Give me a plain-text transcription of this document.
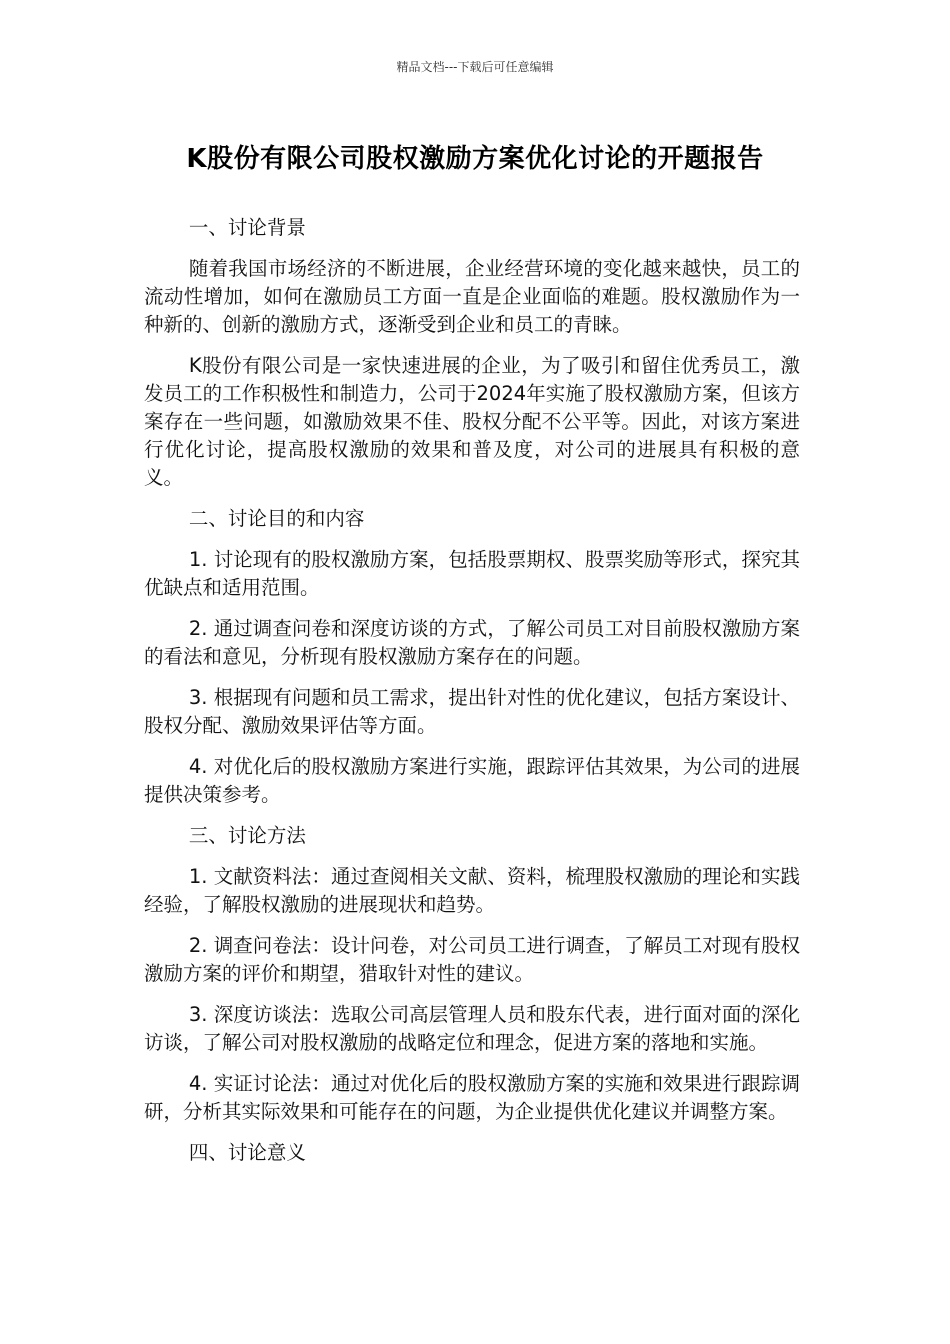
精品文档---下载后可任意编辑
K股份有限公司股权激励方案优化讨论的开题报告
一、讨论背景

随着我国市场经济的不断进展，企业经营环境的变化越来越快，员工的流动性增加，如何在激励员工方面一直是企业面临的难题。股权激励作为一种新的、创新的激励方式，逐渐受到企业和员工的青睐。

K股份有限公司是一家快速进展的企业，为了吸引和留住优秀员工，激发员工的工作积极性和制造力，公司于2024年实施了股权激励方案，但该方案存在一些问题，如激励效果不佳、股权分配不公平等。因此，对该方案进行优化讨论，提高股权激励的效果和普及度，对公司的进展具有积极的意义。

二、讨论目的和内容

1. 讨论现有的股权激励方案，包括股票期权、股票奖励等形式，探究其优缺点和适用范围。

2. 通过调查问卷和深度访谈的方式，了解公司员工对目前股权激励方案的看法和意见，分析现有股权激励方案存在的问题。

3. 根据现有问题和员工需求，提出针对性的优化建议，包括方案设计、股权分配、激励效果评估等方面。

4. 对优化后的股权激励方案进行实施，跟踪评估其效果，为公司的进展提供决策参考。

三、讨论方法

1. 文献资料法：通过查阅相关文献、资料，梳理股权激励的理论和实践经验，了解股权激励的进展现状和趋势。

2. 调查问卷法：设计问卷，对公司员工进行调查，了解员工对现有股权激励方案的评价和期望，猎取针对性的建议。

3. 深度访谈法：选取公司高层管理人员和股东代表，进行面对面的深化访谈，了解公司对股权激励的战略定位和理念，促进方案的落地和实施。

4. 实证讨论法：通过对优化后的股权激励方案的实施和效果进行跟踪调研，分析其实际效果和可能存在的问题，为企业提供优化建议并调整方案。

四、讨论意义
